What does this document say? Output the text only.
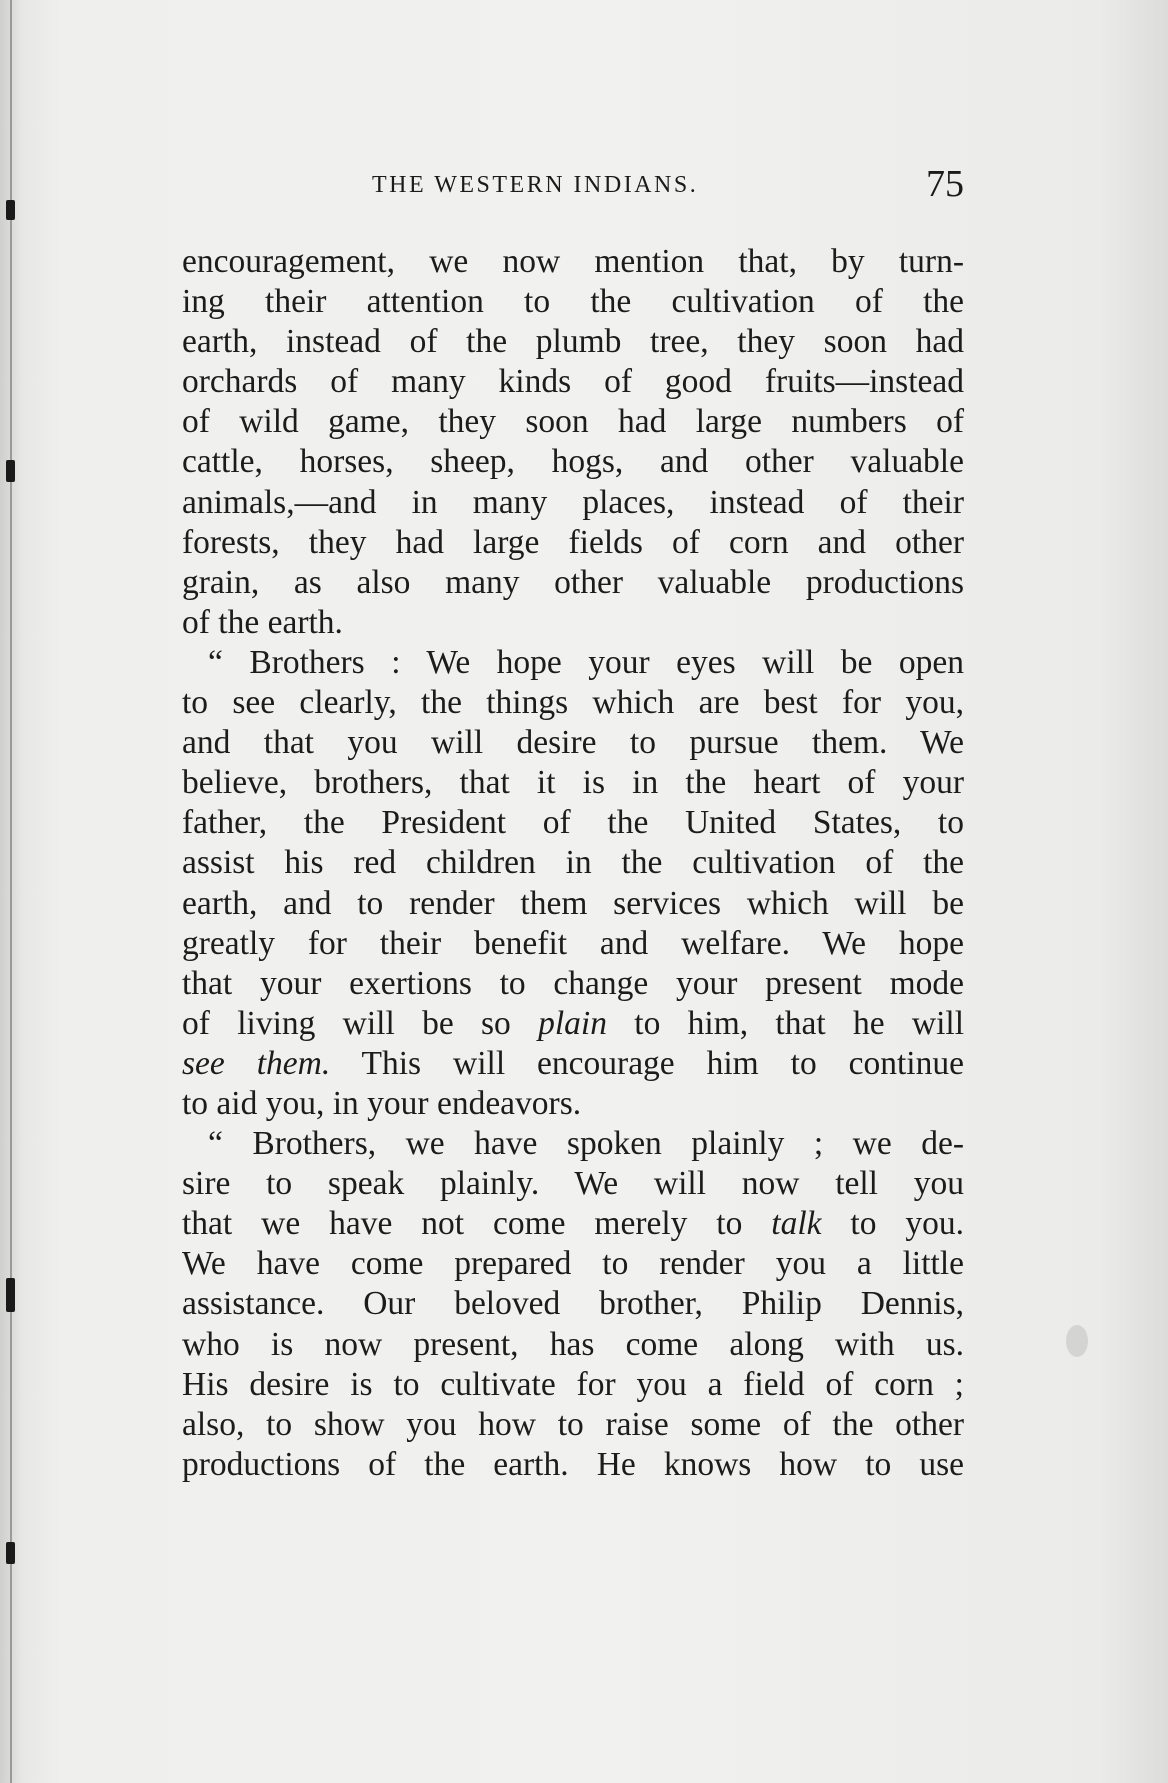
THE WESTERN INDIANS.	75
encouragement, we now mention that, by turn-
ing their attention to the cultivation of the
earth, instead of the plumb tree, they soon had
orchards of many kinds of good fruits—instead
of wild game, they soon had large numbers of
cattle, horses, sheep, hogs, and other valuable
animals,—and in many places, instead of their
forests, they had large fields of corn and other
grain, as also many other valuable productions
of the earth.
“ Brothers : We hope your eyes will be open
to see clearly, the things which are best for you,
and that you will desire to pursue them. We
believe, brothers, that it is in the heart of your
father, the President of the United States, to
assist his red children in the cultivation of the
earth, and to render them services which will be
greatly for their benefit and welfare. We hope
that your exertions to change your present mode
of living will be so plain to him, that he will
see them. This will encourage him to continue
to aid you, in your endeavors.
“ Brothers, we have spoken plainly ; we de-
sire to speak plainly. We will now tell you
that we have not come merely to talk to you.
We have come prepared to render you a little
assistance. Our beloved brother, Philip Dennis,
who is now present, has come along with us.
His desire is to cultivate for you a field of corn ;
also, to show you how to raise some of the other
productions of the earth. He knows how to use
